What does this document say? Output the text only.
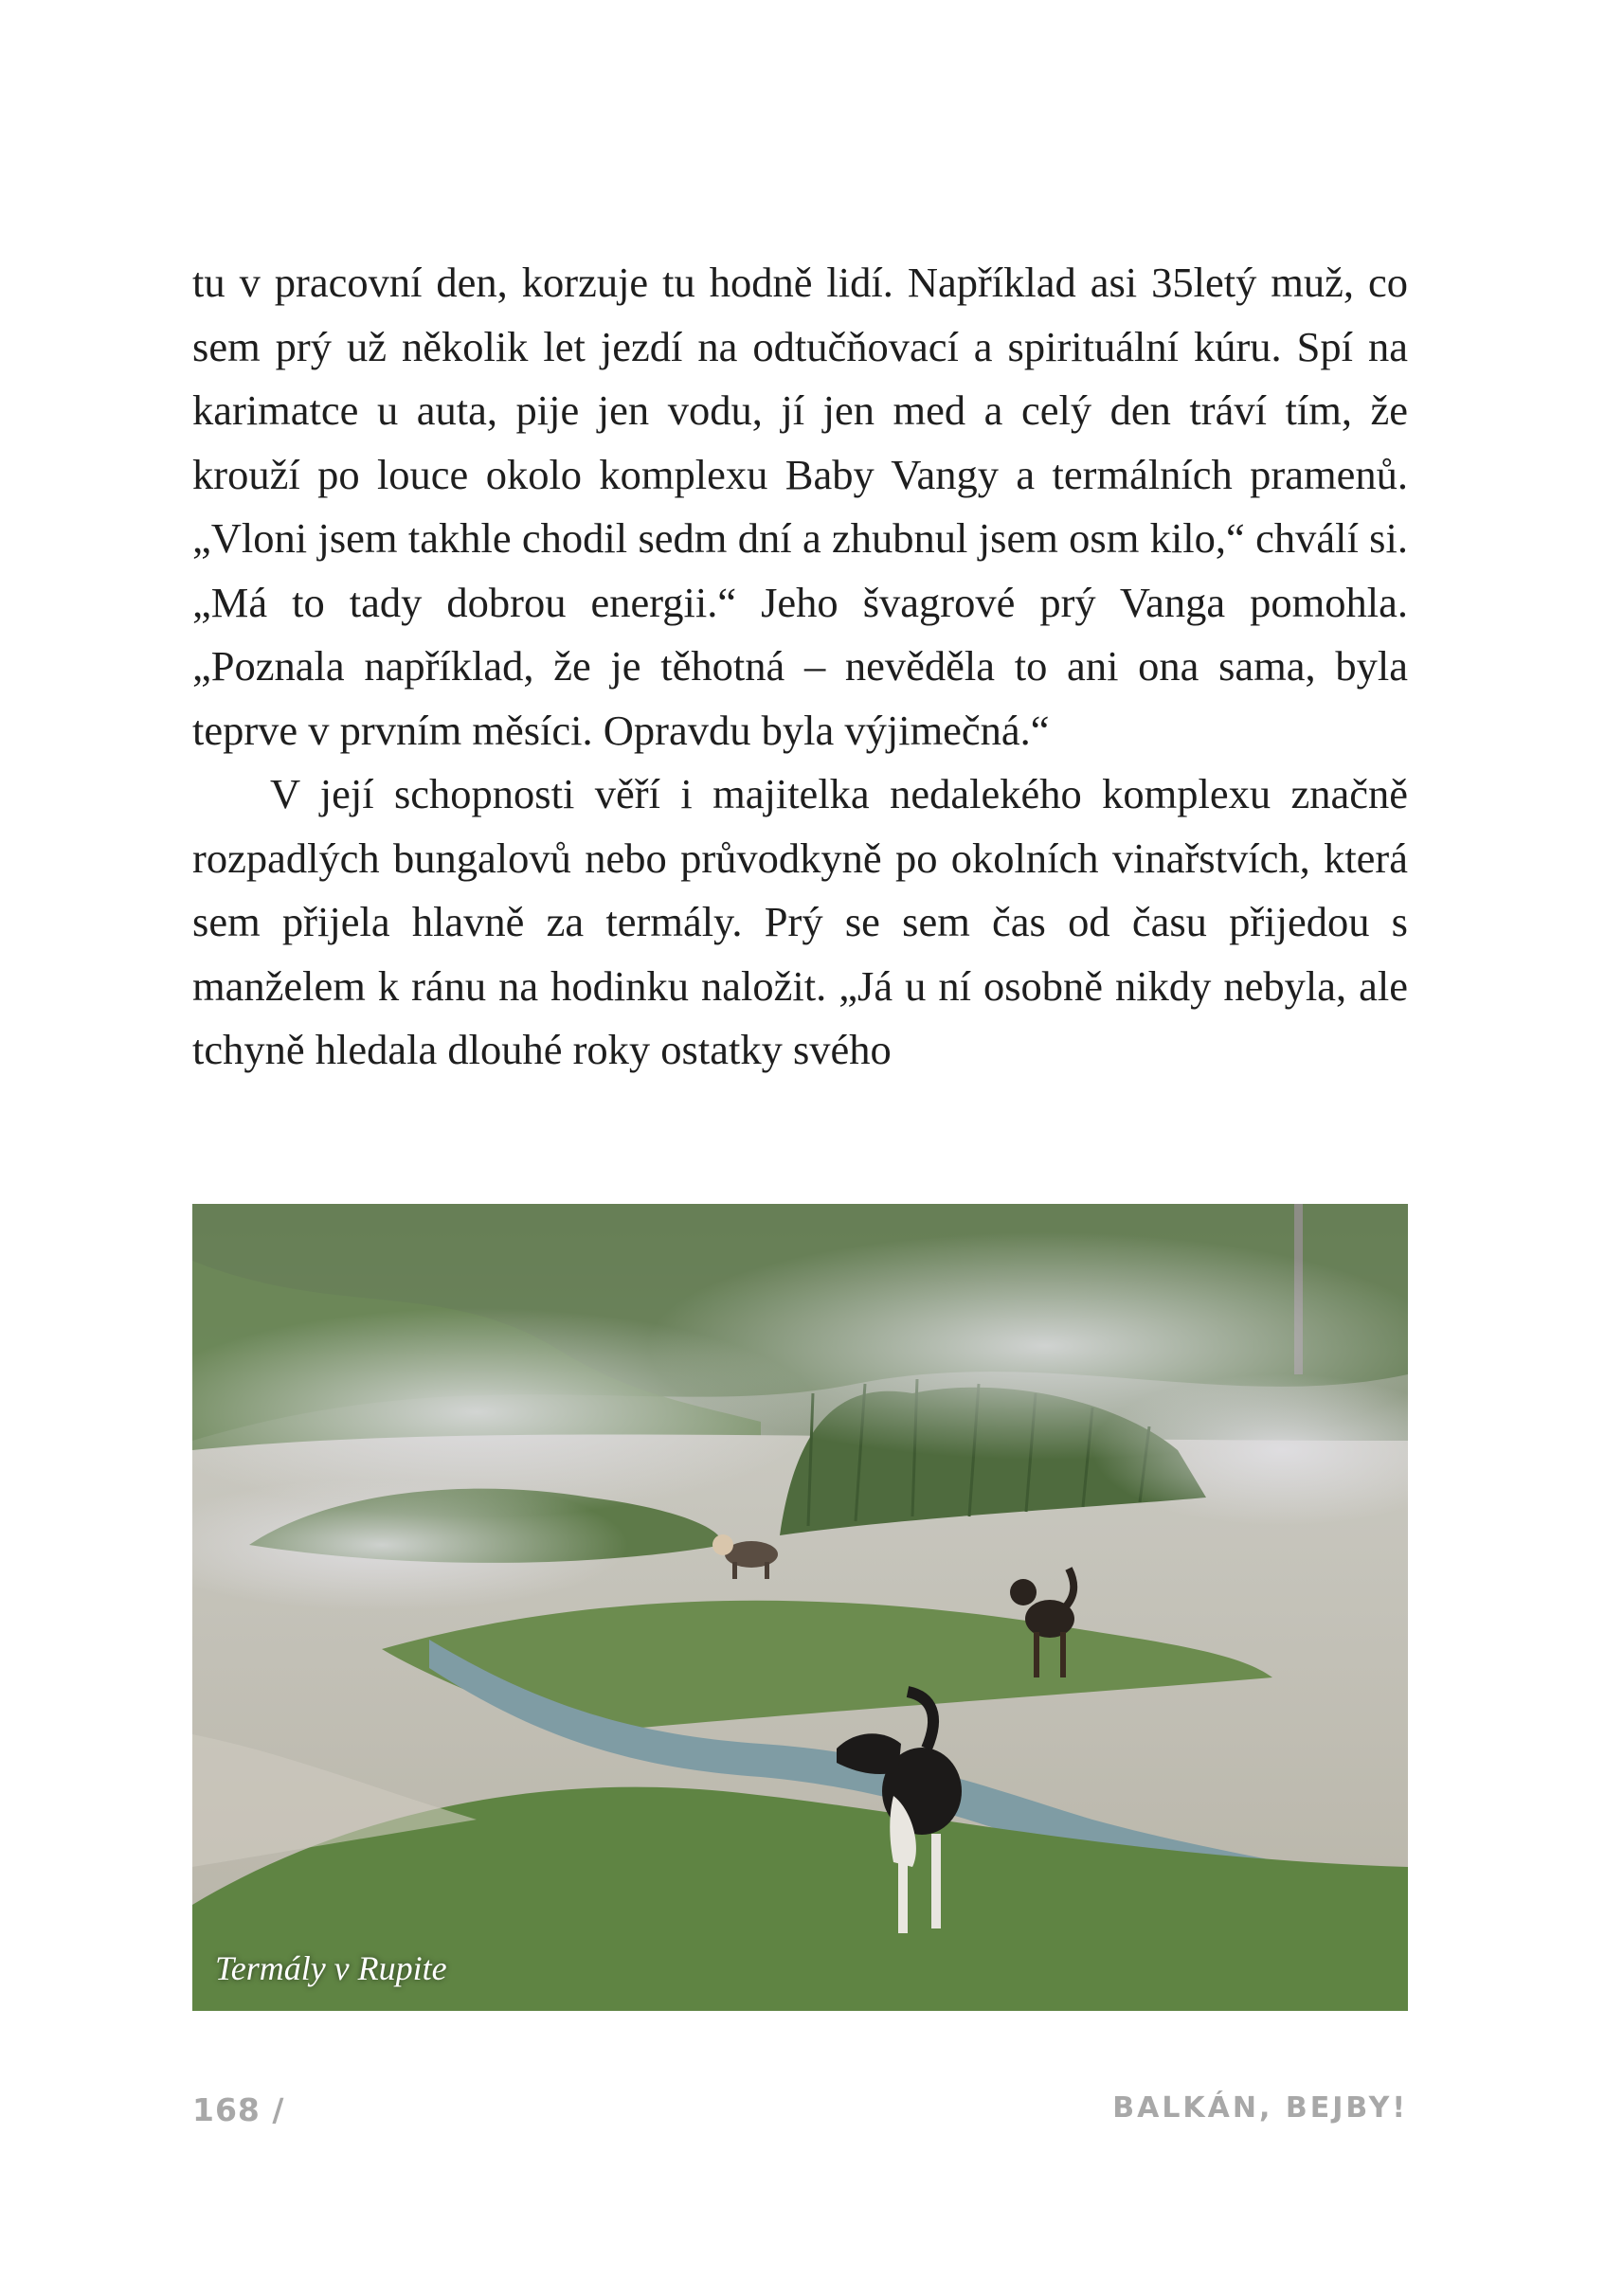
tu v pracovní den, korzuje tu hodně lidí. Například asi 35letý muž, co sem prý už několik let jezdí na odtučňovací a spirituální kúru. Spí na karimatce u auta, pije jen vodu, jí jen med a celý den tráví tím, že krouží po louce okolo komplexu Baby Vangy a termálních pramenů. „Vloni jsem takhle chodil sedm dní a zhubnul jsem osm kilo,“ chválí si. „Má to tady dobrou energii.“ Jeho švagrové prý Vanga pomohla. „Poznala například, že je těhotná – nevěděla to ani ona sama, byla teprve v prvním měsíci. Opravdu byla výjimečná.“

V její schopnosti věří i majitelka nedalekého komplexu značně rozpadlých bungalovů nebo průvodkyně po okolních vinařstvích, která sem přijela hlavně za termály. Prý se sem čas od času přijedou s manželem k ránu na hodinku naložit. „Já u ní osobně nikdy nebyla, ale tchyně hledala dlouhé roky ostatky svého

Termály v Rupite
168 /	BALKÁN, BEJBY!
